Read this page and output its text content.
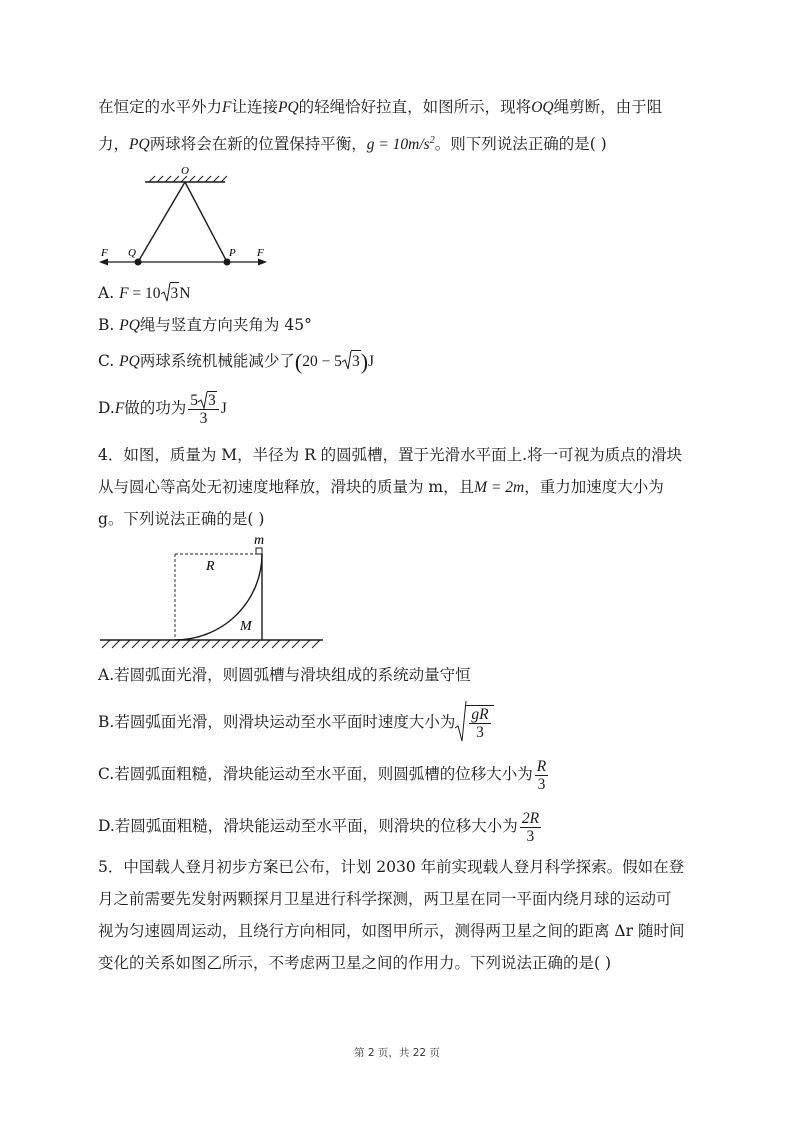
在恒定的水平外力F让连接PQ的轻绳恰好拉直，如图所示，现将OQ绳剪断，由于阻
力，PQ两球将会在新的位置保持平衡，$g = 10m/s^2$。则下列说法正确的是( )
O
F Q	P F
A. F = 10 3N
B. PQ绳与竖直方向夹角为 45°
C. PQ两球系统机械能减少了(20 − 5 3)J
D.F做的功为 $\frac{5 3}{3}$ J
4．如图，质量为 M，半径为 R 的圆弧槽，置于光滑水平面上.将一可视为质点的滑块
从与圆心等高处无初速度地释放，滑块的质量为 m，且M = 2m，重力加速度大小为
g。下列说法正确的是( )
m
R
M
A.若圆弧面光滑，则圆弧槽与滑块组成的系统动量守恒
B.若圆弧面光滑，则滑块运动至水平面时速度大小为 $\frac{gR}{3}$
C.若圆弧面粗糙，滑块能运动至水平面，则圆弧槽的位移大小为 $\frac{R}{3}$
D.若圆弧面粗糙，滑块能运动至水平面，则滑块的位移大小为 $\frac{2R}{3}$
5．中国载人登月初步方案已公布，计划 2030 年前实现载人登月科学探索。假如在登
月之前需要先发射两颗探月卫星进行科学探测，两卫星在同一平面内绕月球的运动可
视为匀速圆周运动，且绕行方向相同，如图甲所示，测得两卫星之间的距离 Δr 随时间
变化的关系如图乙所示，不考虑两卫星之间的作用力。下列说法正确的是( )
第 2 页，共 22 页
